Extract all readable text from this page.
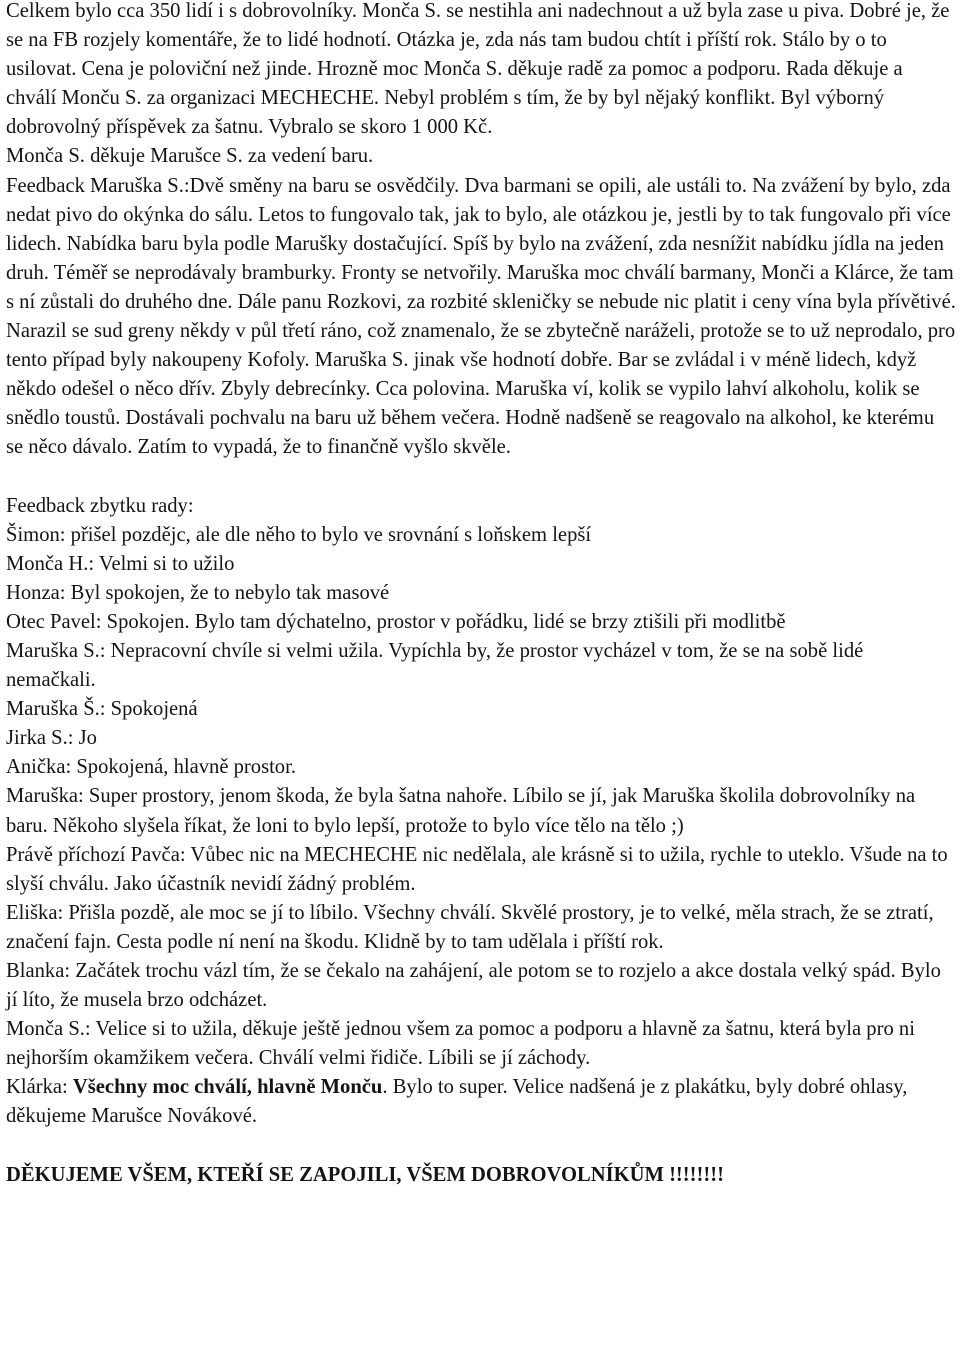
Celkem bylo cca 350 lidí i s dobrovolníky. Monča S. se nestihla ani nadechnout a už byla zase u piva. Dobré je, že se na FB rozjely komentáře, že to lidé hodnotí. Otázka je, zda nás tam budou chtít i příští rok. Stálo by o to usilovat. Cena je poloviční než jinde. Hrozně moc Monča S. děkuje radě za pomoc a podporu. Rada děkuje a chválí Monču S. za organizaci MECHECHE. Nebyl problém s tím, že by byl nějaký konflikt. Byl výborný dobrovolný příspěvek za šatnu. Vybralo se skoro 1 000 Kč.

Monča S. děkuje Marušce S. za vedení baru.

Feedback Maruška S.:Dvě směny na baru se osvědčily. Dva barmani se opili, ale ustáli to. Na zvážení by bylo, zda nedat pivo do okýnka do sálu. Letos to fungovalo tak, jak to bylo, ale otázkou je, jestli by to tak fungovalo při více lidech. Nabídka baru byla podle Marušky dostačující. Spíš by bylo na zvážení, zda nesnížit nabídku jídla na jeden druh. Téměř se neprodávaly bramburky. Fronty se netvořily. Maruška moc chválí barmany, Monči a Klárce, že tam s ní zůstali do druhého dne. Dále panu Rozkovi, za rozbité skleničky se nebude nic platit i ceny vína byla přívětivé. Narazil se sud greny někdy v půl třetí ráno, což znamenalo, že se zbytečně naráželi, protože se to už neprodalo, pro tento případ byly nakoupeny Kofoly. Maruška S. jinak vše hodnotí dobře. Bar se zvládal i v méně lidech, když někdo odešel o něco dřív. Zbyly debrecínky. Cca polovina. Maruška ví, kolik se vypilo lahví alkoholu, kolik se snědlo toustů. Dostávali pochvalu na baru už během večera. Hodně nadšeně se reagovalo na alkohol, ke kterému se něco dávalo. Zatím to vypadá, že to finančně vyšlo skvěle.

Feedback zbytku rady:
Šimon: přišel pozdějc, ale dle něho to bylo ve srovnání s loňskem lepší
Monča H.: Velmi si to užilo
Honza: Byl spokojen, že to nebylo tak masové
Otec Pavel: Spokojen. Bylo tam dýchatelno, prostor v pořádku, lidé se brzy ztišili při modlitbě
Maruška S.: Nepracovní chvíle si velmi užila. Vypíchla by, že prostor vycházel v tom, že se na sobě lidé nemačkali.
Maruška Š.: Spokojená
Jirka S.: Jo
Anička: Spokojená, hlavně prostor.
Maruška: Super prostory, jenom škoda, že byla šatna nahoře. Líbilo se jí, jak Maruška školila dobrovolníky na baru. Někoho slyšela říkat, že loni to bylo lepší, protože to bylo více tělo na tělo ;)
Právě příchozí Pavča: Vůbec nic na MECHECHE nic nedělala, ale krásně si to užila, rychle to uteklo. Všude na to slyší chválu. Jako účastník nevidí žádný problém.
Eliška: Přišla pozdě, ale moc se jí to líbilo. Všechny chválí. Skvělé prostory, je to velké, měla strach, že se ztratí, značení fajn. Cesta podle ní není na škodu. Klidně by to tam udělala i příští rok.
Blanka: Začátek trochu vázl tím, že se čekalo na zahájení, ale potom se to rozjelo a akce dostala velký spád. Bylo jí líto, že musela brzo odcházet.
Monča S.: Velice si to užila, děkuje ještě jednou všem za pomoc a podporu a hlavně za šatnu, která byla pro ni nejhorším okamžikem večera. Chválí velmi řidiče. Líbili se jí záchody.
Klárka: Všechny moc chválí, hlavně Monču. Bylo to super. Velice nadšená je z plakátku, byly dobré ohlasy, děkujeme Marušce Novákové.
DĚKUJEME VŠEM, KTEŘÍ SE ZAPOJILI, VŠEM DOBROVOLNÍKŮM !!!!!!!!
